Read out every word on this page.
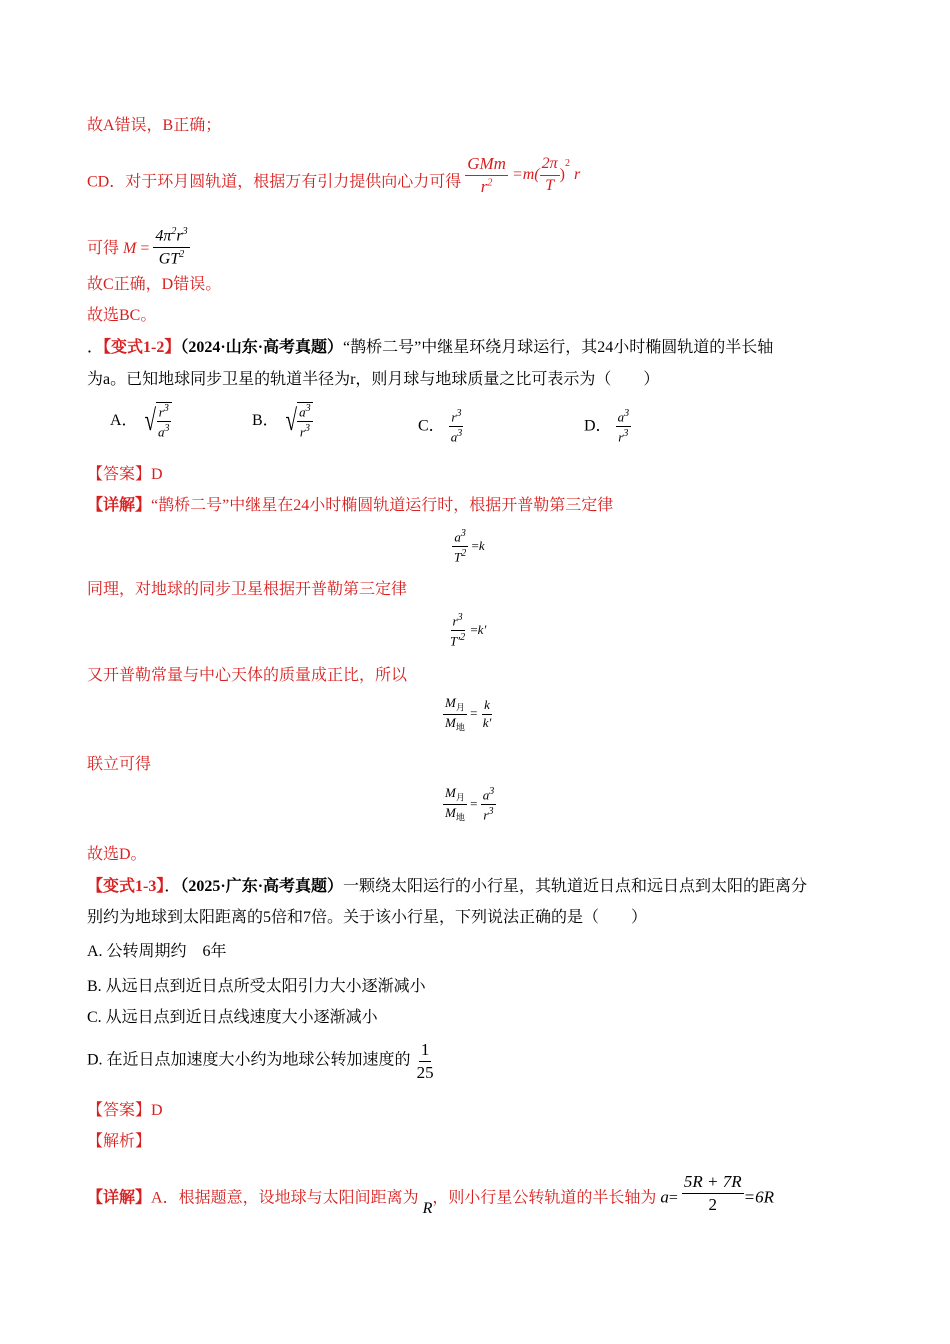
故A错误，B正确；
CD．对于环月圆轨道，根据万有引力提供向心力可得 $\frac{\text{GMm}}{r^2} =m( \frac{2\pi}{T} )^2$ r
可得 $M = \frac{4\pi^2r^3}{GT^2}$
故C正确，D错误。
故选BC。
．【变式1-2】（2024·山东·高考真题）“鹊桥二号”中继星环绕月球运行，其24小时椭圆轨道的半长轴
为a。已知地球同步卫星的轨道半径为r，则月球与地球质量之比可表示为（　　）
A． √ $\frac{r^3}{a^3}$	B． √ $\frac{a^3}{r^3}$	C． $\frac{r^3}{a^3}$	D． $\frac{a^3}{r^3}$
【答案】D
【详解】“鹊桥二号”中继星在24小时椭圆轨道运行时，根据开普勒第三定律
$\frac{a^3}{T^2} =k$
同理，对地球的同步卫星根据开普勒第三定律
$\frac{r^3}{T'^2} =k'$
又开普勒常量与中心天体的质量成正比，所以
$\frac{M_月}{M_地} = \frac{k}{k'}$
联立可得
$\frac{M_月}{M_地} = \frac{a^3}{r^3}$
故选D。
【变式1-3】．（2025·广东·高考真题）一颗绕太阳运行的小行星，其轨道近日点和远日点到太阳的距离分
别约为地球到太阳距离的5倍和7倍。关于该小行星，下列说法正确的是（　　）
A. 公转周期约　6年
B. 从远日点到近日点所受太阳引力大小逐渐减小
C. 从远日点到近日点线速度大小逐渐减小
D. 在近日点加速度大小约为地球公转加速度的 $\frac{1}{25}$
【答案】D
【解析】
【详解】A．根据题意，设地球与太阳间距离为 R，则小行星公转轨道的半长轴为 $a= \frac{5R + 7R}{2} =6R$
